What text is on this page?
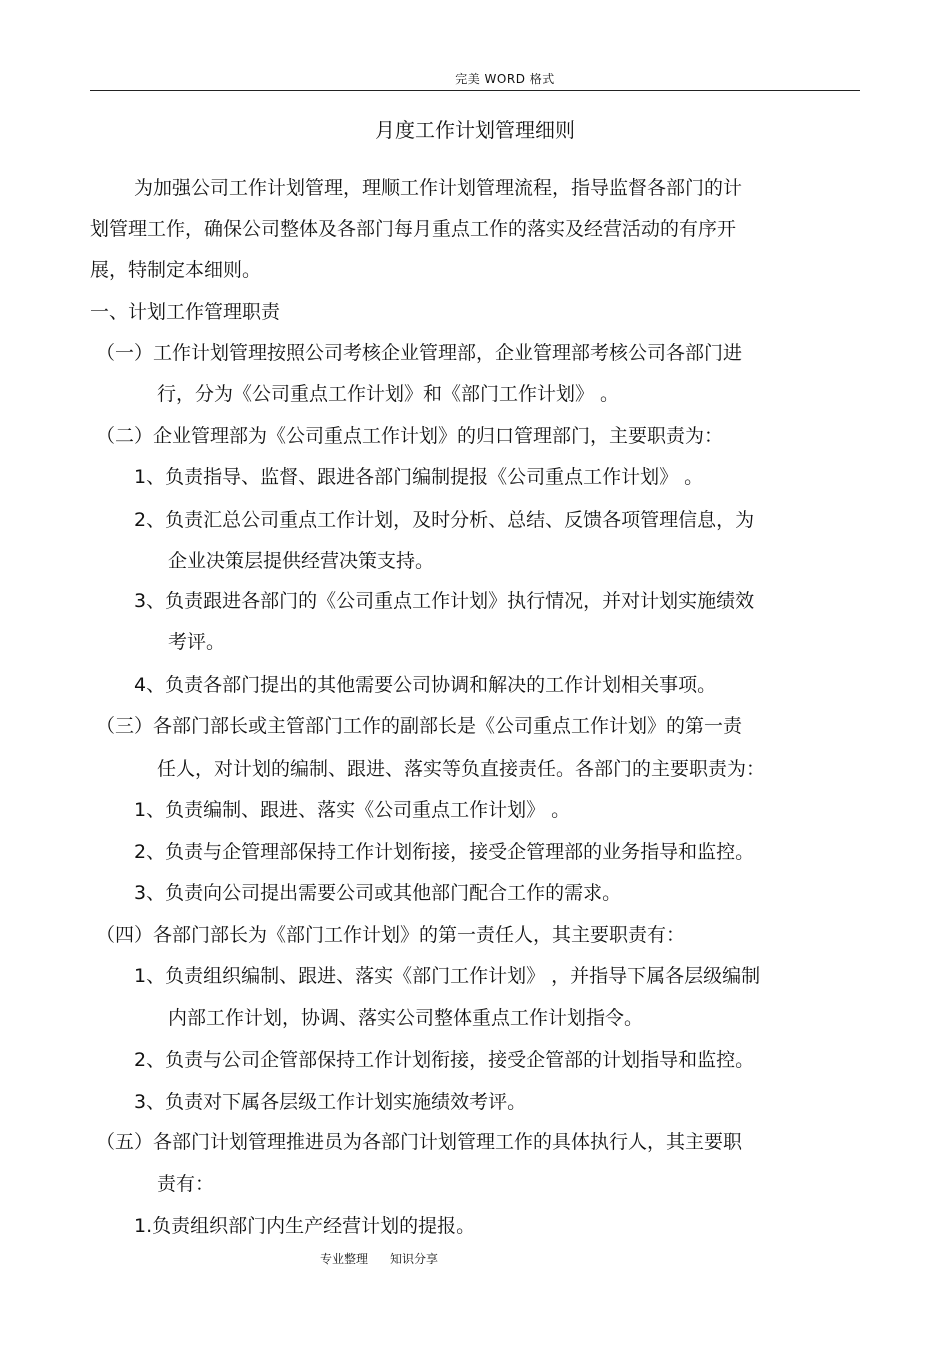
完美 WORD 格式
月度工作计划管理细则
为加强公司工作计划管理，理顺工作计划管理流程，指导监督各部门的计
划管理工作，确保公司整体及各部门每月重点工作的落实及经营活动的有序开
展，特制定本细则。
一、计划工作管理职责
（一）工作计划管理按照公司考核企业管理部，企业管理部考核公司各部门进
行，分为《公司重点工作计划》和《部门工作计划》 。
（二）企业管理部为《公司重点工作计划》的归口管理部门，主要职责为：
1、负责指导、监督、跟进各部门编制提报《公司重点工作计划》 。
2、负责汇总公司重点工作计划，及时分析、总结、反馈各项管理信息，为
企业决策层提供经营决策支持。
3、负责跟进各部门的《公司重点工作计划》执行情况，并对计划实施绩效
考评。
4、负责各部门提出的其他需要公司协调和解决的工作计划相关事项。
（三）各部门部长或主管部门工作的副部长是《公司重点工作计划》的第一责
任人，对计划的编制、跟进、落实等负直接责任。各部门的主要职责为：
1、负责编制、跟进、落实《公司重点工作计划》 。
2、负责与企管理部保持工作计划衔接，接受企管理部的业务指导和监控。
3、负责向公司提出需要公司或其他部门配合工作的需求。
（四）各部门部长为《部门工作计划》的第一责任人，其主要职责有：
1、负责组织编制、跟进、落实《部门工作计划》 ，并指导下属各层级编制
内部工作计划，协调、落实公司整体重点工作计划指令。
2、负责与公司企管部保持工作计划衔接，接受企管部的计划指导和监控。
3、负责对下属各层级工作计划实施绩效考评。
（五）各部门计划管理推进员为各部门计划管理工作的具体执行人，其主要职
责有：
1.负责组织部门内生产经营计划的提报。
专业整理 知识分享
